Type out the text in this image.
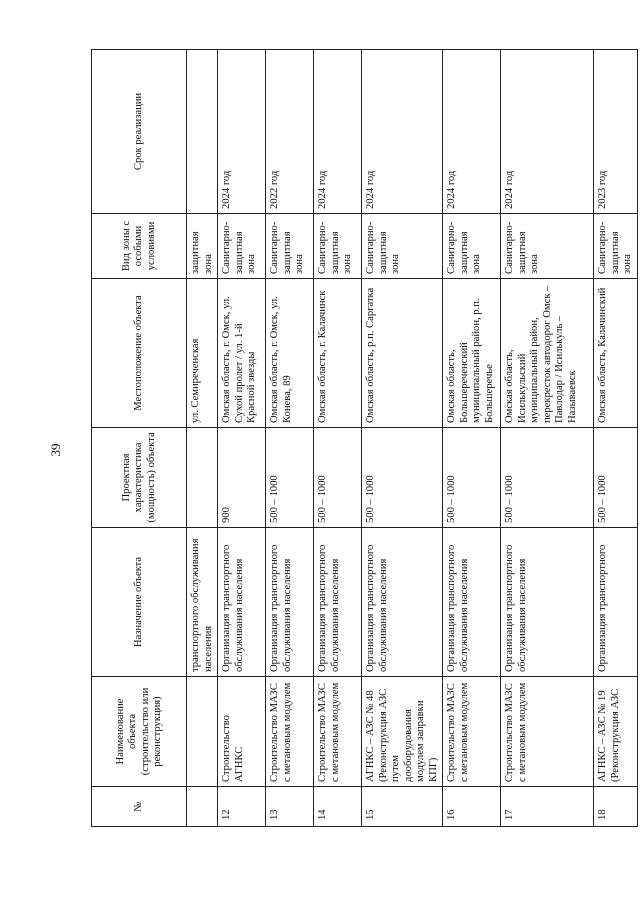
39
№	Наименование объекта (строительство или реконструкция)	Назначение объекта	Проектная характеристика (мощность) объекта	Местоположение объекта	Вид зоны с особыми условиями	Срок реализации
		транспортного обслуживания населения		ул. Семиреченская	защитная зона	
12	Строительство АГНКС	Организация транспортного обслуживания населения	900	Омская область, г. Омск, ул. Сухой пролет / ул. 1-й Красной звезды	Санитарно-защитная зона	2024 год
13	Строительство МАЗС с метановым модулем	Организация транспортного обслуживания населения	500 – 1000	Омская область, г. Омск, ул. Конева, 89	Санитарно-защитная зона	2022 год
14	Строительство МАЗС с метановым модулем	Организация транспортного обслуживания населения	500 – 1000	Омская область, г. Калачинск	Санитарно-защитная зона	2024 год
15	АГНКС – АЗС № 48 (Реконструкция АЗС путем дооборудования модулем заправки КПГ)	Организация транспортного обслуживания населения	500 – 1000	Омская область, р.п. Саргатка	Санитарно-защитная зона	2024 год
16	Строительство МАЗС с метановым модулем	Организация транспортного обслуживания населения	500 – 1000	Омская область, Большереченский муниципальный район, р.п. Большеречье	Санитарно-защитная зона	2024 год
17	Строительство МАЗС с метановым модулем	Организация транспортного обслуживания населения	500 – 1000	Омская область, Исилькульский муниципальный район, перекресток автодорог Омск – Павлодар / Исилькуль – Называевск	Санитарно-защитная зона	2024 год
18	АГНКС – АЗС № 19 (Реконструкция АЗС	Организация транспортного	500 – 1000	Омская область, Калачинский	Санитарно-защитная зона	2023 год
